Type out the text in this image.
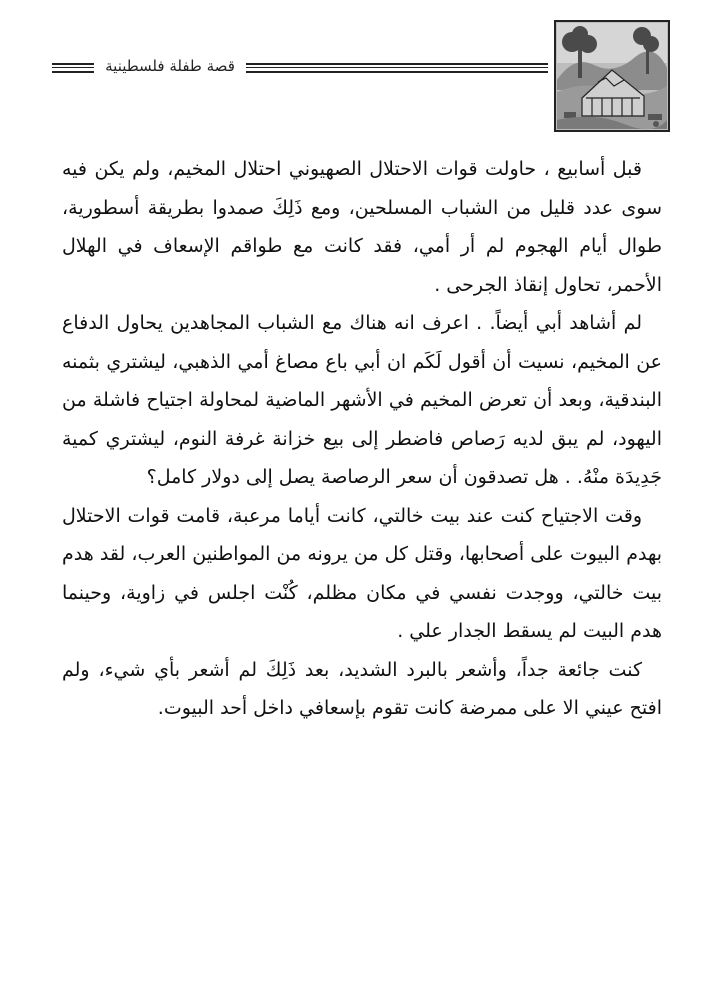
قصة طفلة فلسطينية

قبل أسابيع ، حاولت قوات الاحتلال الصهيوني احتلال المخيم، ولم يكن فيه سوى عدد قليل من الشباب المسلحين، ومع ذَلِكَ صمدوا بطريقة أسطورية، طوال أيام الهجوم لم أر أمي، فقد كانت مع طواقم الإسعاف في الهلال الأحمر، تحاول إنقاذ الجرحى .

لم أشاهد أبي أيضاً. . اعرف انه هناك مع الشباب المجاهدين يحاول الدفاع عن المخيم، نسيت أن أقول لَكَم ان أبي باع مصاغ أمي الذهبي، ليشتري بثمنه البندقية، وبعد أن تعرض المخيم في الأشهر الماضية لمحاولة اجتياح فاشلة من اليهود، لم يبق لديه رَصاص فاضطر إلى بيع خزانة غرفة النوم، ليشتري كمية جَدِيدَة منْهُ. . هل تصدقون أن سعر الرصاصة يصل إلى دولار كامل؟

وقت الاجتياح كنت عند بيت خالتي، كانت أياما مرعبة، قامت قوات الاحتلال بهدم البيوت على أصحابها، وقتل كل من يرونه من المواطنين العرب، لقد هدم بيت خالتي، ووجدت نفسي في مكان مظلم، كُنْت اجلس في زاوية، وحينما هدم البيت لم يسقط الجدار علي .

كنت جائعة جداً، وأشعر بالبرد الشديد، بعد ذَلِكَ لم أشعر بأي شيء، ولم افتح عيني الا على ممرضة كانت تقوم بإسعافي داخل أحد البيوت.
